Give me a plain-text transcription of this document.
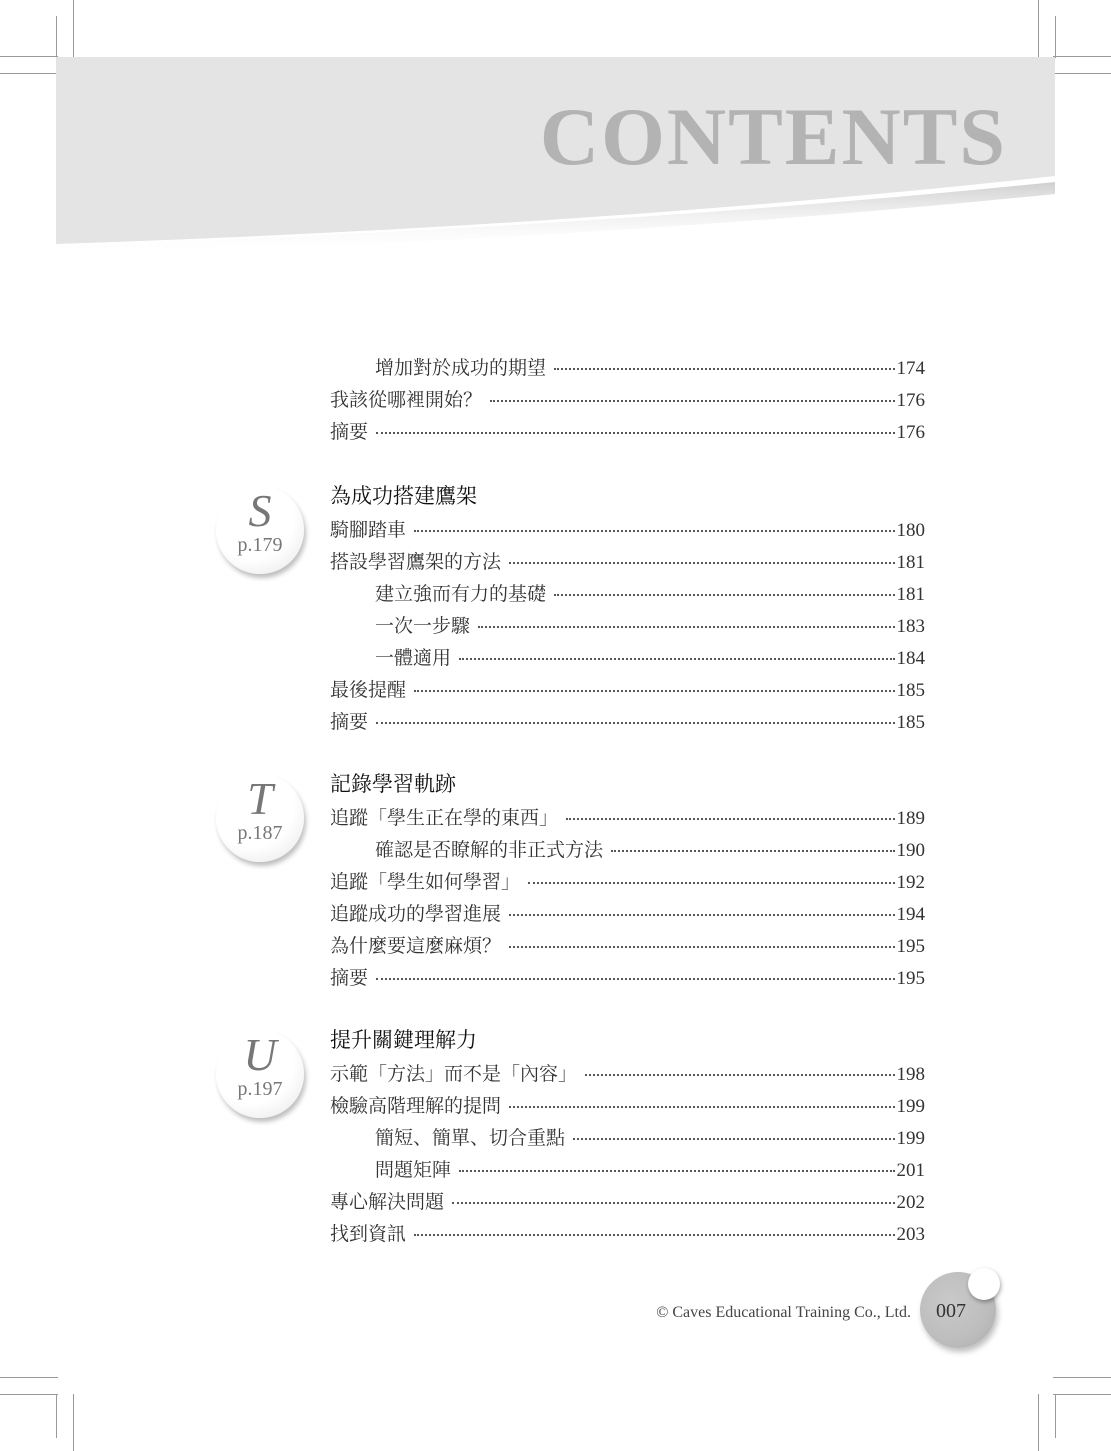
CONTENTS
增加對於成功的期望	174
我該從哪裡開始？	176
摘要	176
S
p.179
為成功搭建鷹架
騎腳踏車	180
搭設學習鷹架的方法	181
建立強而有力的基礎	181
一次一步驟	183
一體適用	184
最後提醒	185
摘要	185
T
p.187
記錄學習軌跡
追蹤「學生正在學的東西」	189
確認是否瞭解的非正式方法	190
追蹤「學生如何學習」	192
追蹤成功的學習進展	194
為什麼要這麼麻煩？	195
摘要	195
U
p.197
提升關鍵理解力
示範「方法」而不是「內容」	198
檢驗高階理解的提問	199
簡短、簡單、切合重點	199
問題矩陣	201
專心解決問題	202
找到資訊	203
© Caves Educational Training Co., Ltd.	007
